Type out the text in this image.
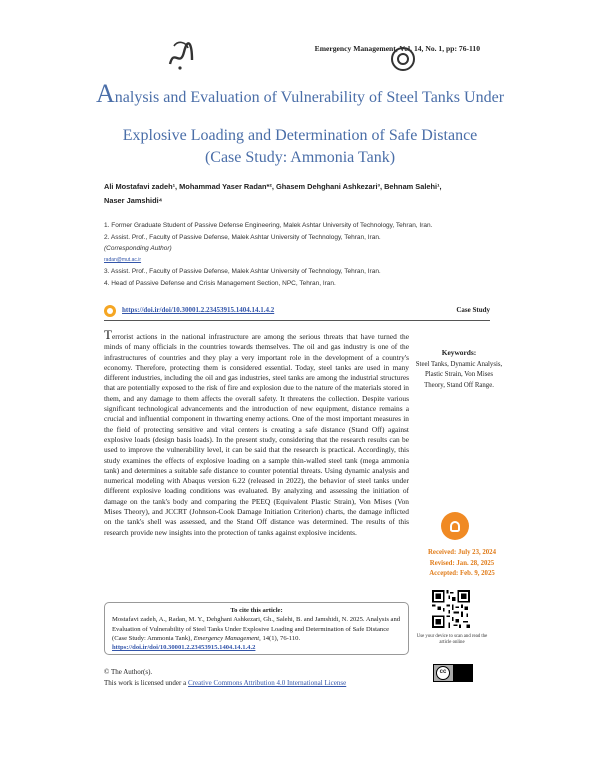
Emergency Management, Vol. 14, No. 1, pp: 76-110
Analysis and Evaluation of Vulnerability of Steel Tanks Under
Explosive Loading and Determination of Safe Distance
(Case Study: Ammonia Tank)
Ali Mostafavi zadeh¹, Mohammad Yaser Radan*², Ghasem Dehghani Ashkezari³, Behnam Salehi¹,
Naser Jamshidi⁴
1. Former Graduate Student of Passive Defense Engineering, Malek Ashtar University of Technology, Tehran, Iran.
2. Assist. Prof., Faculty of Passive Defense, Malek Ashtar University of Technology, Tehran, Iran.
(Corresponding Author)
radan@mut.ac.ir
3. Assist. Prof., Faculty of Passive Defense, Malek Ashtar University of Technology, Tehran, Iran.
4. Head of Passive Defense and Crisis Management Section, NPC, Tehran, Iran.
https://doi.ir/doi/10.30001.2.23453915.1404.14.1.4.2	Case Study
Terrorist actions in the national infrastructure are among the serious threats that have turned the minds of many officials in the countries towards themselves. The oil and gas industry is one of the infrastructures of countries and they play a very important role in the development of a country's economy. Therefore, protecting them is considered essential. Today, steel tanks are used in many different industries, including the oil and gas industries, steel tanks are among the industrial structures that are potentially exposed to the risk of fire and explosion due to the nature of the materials stored in them, and any damage to them affects the overall safety. It threatens the collection. Despite various significant technological advancements and the introduction of new equipment, distance remains a crucial and influential component in thwarting enemy actions. One of the most important measures in the field of protecting sensitive and vital centers is creating a safe distance (Stand Off) against explosive loads (design basis loads). In the present study, considering that the research results can be used to improve the vulnerability level, it can be said that the research is practical. Accordingly, this study examines the effects of explosive loading on a sample thin-walled steel tank (mega ammonia tank) and determines a suitable safe distance to counter potential threats. Using dynamic analysis and numerical modeling with Abaqus version 6.22 (released in 2022), the behavior of steel tanks under different explosive loading conditions was evaluated. By analyzing and assessing the initiation of damage on the tank's body and comparing the PEEQ (Equivalent Plastic Strain), Von Mises (Von Mises Theory), and JCCRT (Johnson-Cook Damage Initiation Criterion) charts, the damage inflicted on the tank's shell was assessed, and the Stand Off distance was determined. The results of this research provide new insights into the protection of tanks against explosive incidents.
Keywords:
Steel Tanks, Dynamic Analysis, Plastic Strain, Von Mises Theory, Stand Off Range.
Received: July 23, 2024
Revised: Jan. 28, 2025
Accepted: Feb. 9, 2025
To cite this article:
Mostafavi zadeh, A., Radan, M. Y., Dehghani Ashkezari, Gh., Salehi, B. and Jamshidi, N. 2025. Analysis and Evaluation of Vulnerability of Steel Tanks Under Explosive Loading and Determination of Safe Distance (Case Study: Ammonia Tank), Emergency Management, 14(1), 76-110. https://doi.ir/doi/10.30001.2.23453915.1404.14.1.4.2
Use your device to scan and read the article online
© The Author(s).
This work is licensed under a Creative Commons Attribution 4.0 International License
cc
